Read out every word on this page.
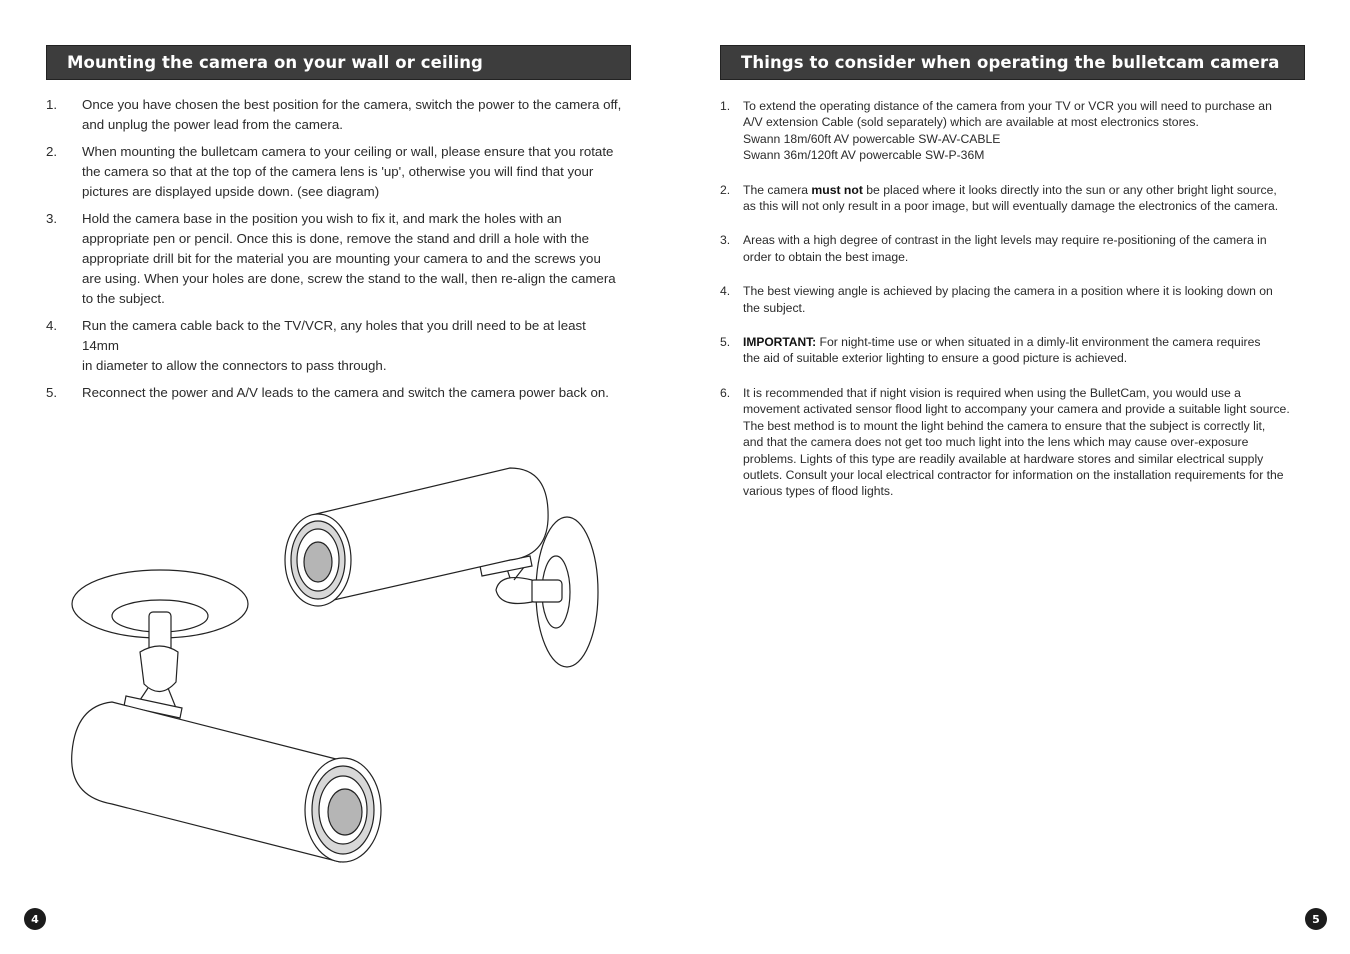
Mounting the camera on your wall or ceiling
1.	Once you have chosen the best position for the camera, switch the power to the camera off,
and unplug the power lead from the camera.
2.	When mounting the bulletcam camera to your ceiling or wall, please ensure that you rotate
the camera so that at the top of the camera lens is 'up', otherwise you will find that your
pictures are displayed upside down. (see diagram)
3.	Hold the camera base in the position you wish to fix it, and mark the holes with an
appropriate pen or pencil. Once this is done, remove the stand and drill a hole with the
appropriate drill bit for the material you are mounting your camera to and the screws you
are using. When your holes are done, screw the stand to the wall, then re-align the camera
to the subject.
4.	Run the camera cable back to the TV/VCR, any holes that you drill need to be at least 14mm
in diameter to allow the connectors to pass through.
5.	Reconnect the power and A/V leads to the camera and switch the camera power back on.
4
Things to consider when operating the bulletcam camera
1.	To extend the operating distance of the camera from your TV or VCR you will need to purchase an
A/V extension Cable (sold separately) which are available at most electronics stores.
Swann 18m/60ft AV powercable SW-AV-CABLE
Swann 36m/120ft AV powercable SW-P-36M
2.	The camera must not be placed where it looks directly into the sun or any other bright light source,
as this will not only result in a poor image, but will eventually damage the electronics of the camera.
3.	Areas with a high degree of contrast in the light levels may require re-positioning of the camera in
order to obtain the best image.
4.	The best viewing angle is achieved by placing the camera in a position where it is looking down on
the subject.
5.	IMPORTANT: For night-time use or when situated in a dimly-lit environment the camera requires
the aid of suitable exterior lighting to ensure a good picture is achieved.
6.	It is recommended that if night vision is required when using the BulletCam, you would use a
movement activated sensor flood light to accompany your camera and provide a suitable light source.
The best method is to mount the light behind the camera to ensure that the subject is correctly lit,
and that the camera does not get too much light into the lens which may cause over-exposure
problems. Lights of this type are readily available at hardware stores and similar electrical supply
outlets. Consult your local electrical contractor for information on the installation requirements for the
various types of flood lights.
5
